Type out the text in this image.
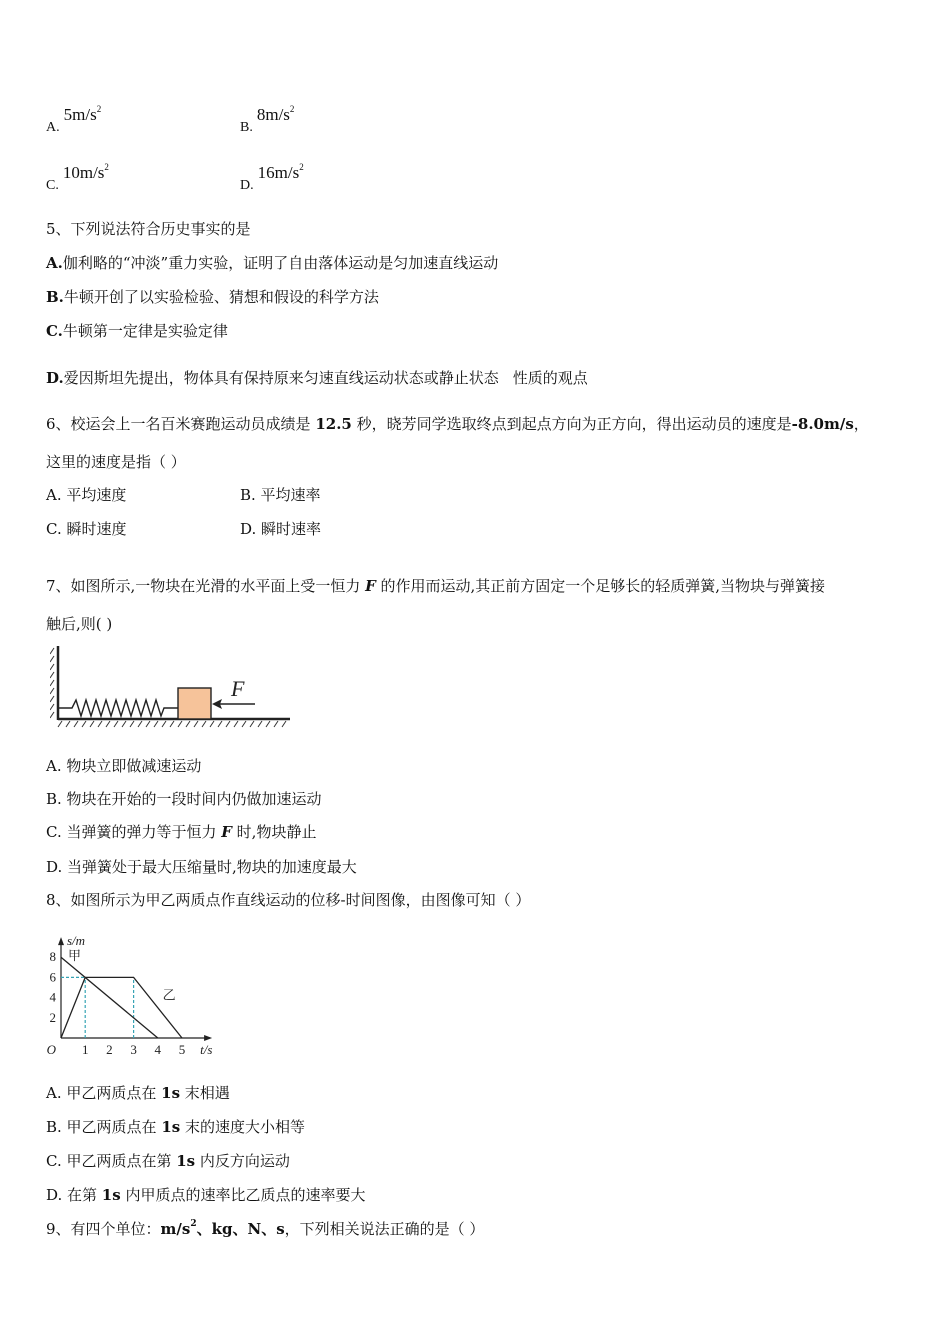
$A.5m/s^2$
$B.8m/s^2$
$C.10m/s^2$
$D.16m/s^2$
5、下列说法符合历史事实的是
A.伽利略的“冲淡”重力实验，证明了自由落体运动是匀加速直线运动
B.牛顿开创了以实验检验、猜想和假设的科学方法
C.牛顿第一定律是实验定律
D.爱因斯坦先提出，物体具有保持原来匀速直线运动状态或静止状态 性质的观点
6、校运会上一名百米赛跑运动员成绩是 12.5 秒，晓芳同学选取终点到起点方向为正方向，得出运动员的速度是-8.0m/s，
这里的速度是指（ ）
A. 平均速度	B. 平均速率
C. 瞬时速度	D. 瞬时速率
7、如图所示,一物块在光滑的水平面上受一恒力 F 的作用而运动,其正前方固定一个足够长的轻质弹簧,当物块与弹簧接
触后,则( )
F
A. 物块立即做减速运动
B. 物块在开始的一段时间内仍做加速运动
C. 当弹簧的弹力等于恒力 F 时,物块静止
D. 当弹簧处于最大压缩量时,物块的加速度最大
8、如图所示为甲乙两质点作直线运动的位移-时间图像，由图像可知（ ）
甲
乙
1 2 3 4 5
2
4
6
8
O	t/s
s/m
A. 甲乙两质点在 1s 末相遇
B. 甲乙两质点在 1s 末的速度大小相等
C. 甲乙两质点在第 1s 内反方向运动
D. 在第 1s 内甲质点的速率比乙质点的速率要大
9、有四个单位：$m/s^2$、kg、N、s，下列相关说法正确的是（ ）
